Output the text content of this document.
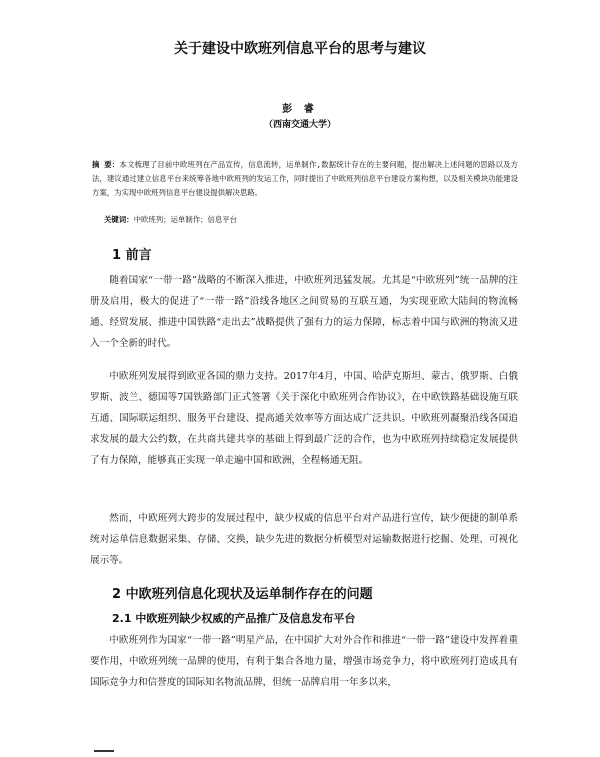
关于建设中欧班列信息平台的思考与建议
彭 睿
（西南交通大学）
摘 要：本文梳理了目前中欧班列在产品宣传，信息流转，运单制作,数据统计存在的主要问题，提出解决上述问题的思路以及方法，建议通过建立信息平台来统筹各地中欧班列的发运工作，同时提出了中欧班列信息平台建设方案构想，以及相关模块功能建设方案，为实现中欧班列信息平台建设提供解决思路。
关键词：中欧班列；运单制作；信息平台
1 前言

随着国家“一带一路”战略的不断深入推进，中欧班列迅猛发展。尤其是“中欧班列”统一品牌的注册及启用，极大的促进了“一带一路”沿线各地区之间贸易的互联互通，为实现亚欧大陆间的物流畅通、经贸发展、推进中国铁路“走出去”战略提供了强有力的运力保障，标志着中国与欧洲的物流又进入一个全新的时代。

中欧班列发展得到欧亚各国的鼎力支持。2017年4月，中国、哈萨克斯坦、蒙古、俄罗斯、白俄罗斯、波兰、德国等7国铁路部门正式签署《关于深化中欧班列合作协议》，在中欧铁路基础设施互联互通、国际联运组织、服务平台建设、提高通关效率等方面达成广泛共识。中欧班列凝聚沿线各国追求发展的最大公约数，在共商共建共享的基础上得到最广泛的合作，也为中欧班列持续稳定发展提供了有力保障，能够真正实现一单走遍中国和欧洲，全程畅通无阻。

然而，中欧班列大跨步的发展过程中，缺少权威的信息平台对产品进行宣传，缺少便捷的制单系统对运单信息数据采集、存储、交换，缺少先进的数据分析模型对运输数据进行挖掘、处理、可视化展示等。

2 中欧班列信息化现状及运单制作存在的问题
2.1 中欧班列缺少权威的产品推广及信息发布平台

中欧班列作为国家“一带一路”明星产品，在中国扩大对外合作和推进“一带一路”建设中发挥着重要作用，中欧班列统一品牌的使用，有利于集合各地力量，增强市场竞争力，将中欧班列打造成具有国际竞争力和信誉度的国际知名物流品牌，但统一品牌启用一年多以来，
